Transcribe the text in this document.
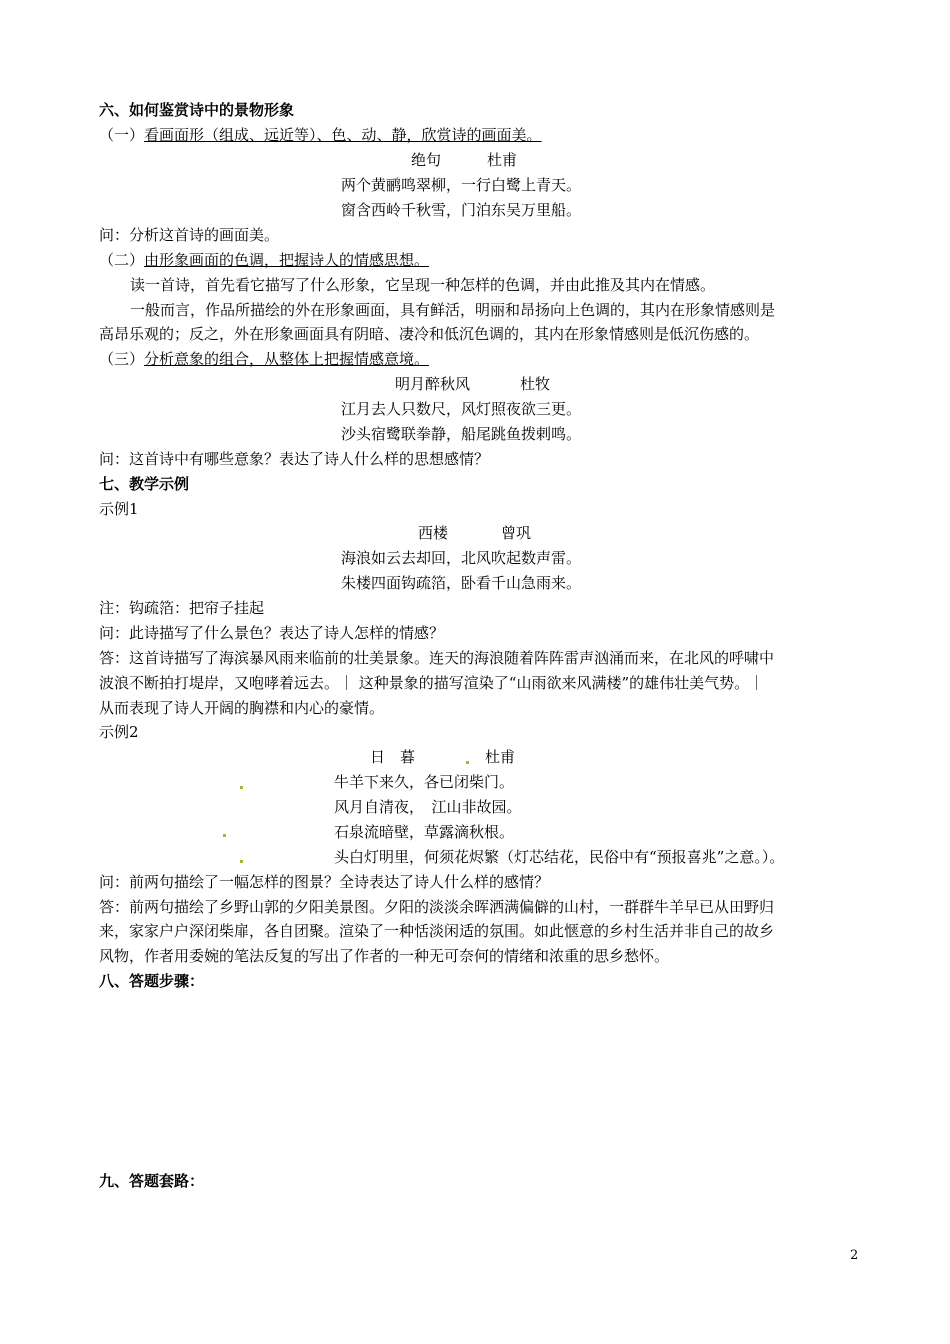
六、如何鉴赏诗中的景物形象
（一）看画面形（组成、远近等）、色、动、静，欣赏诗的画面美。
绝句	杜甫
两个黄鹂鸣翠柳，一行白鹭上青天。
窗含西岭千秋雪，门泊东吴万里船。
问：分析这首诗的画面美。
（二）由形象画面的色调，把握诗人的情感思想。
读一首诗，首先看它描写了什么形象，它呈现一种怎样的色调，并由此推及其内在情感。
一般而言，作品所描绘的外在形象画面，具有鲜活，明丽和昂扬向上色调的，其内在形象情感则是
高昂乐观的；反之，外在形象画面具有阴暗、凄冷和低沉色调的，其内在形象情感则是低沉伤感的。
（三）分析意象的组合，从整体上把握情感意境。
明月醉秋风	杜牧
江月去人只数尺，风灯照夜欲三更。
沙头宿鹭联拳静，船尾跳鱼拨剌鸣。
问：这首诗中有哪些意象？表达了诗人什么样的思想感情？
七、教学示例
示例1
西楼	曾巩
海浪如云去却回，北风吹起数声雷。
朱楼四面钩疏箔，卧看千山急雨来。
注：钩疏箔：把帘子挂起
问：此诗描写了什么景色？表达了诗人怎样的情感？
答：这首诗描写了海滨暴风雨来临前的壮美景象。连天的海浪随着阵阵雷声汹涌而来，在北风的呼啸中
波浪不断拍打堤岸，又咆哮着远去。｜ 这种景象的描写渲染了“山雨欲来风满楼”的雄伟壮美气势。｜
从而表现了诗人开阔的胸襟和内心的豪情。
示例2
日　暮	杜甫
牛羊下来久，各已闭柴门。
风月自清夜，　江山非故园。
石泉流暗壁，草露滴秋根。
头白灯明里，何须花烬繁（灯芯结花，民俗中有“预报喜兆”之意。）。
问：前两句描绘了一幅怎样的图景？全诗表达了诗人什么样的感情？
答：前两句描绘了乡野山郭的夕阳美景图。夕阳的淡淡余晖洒满偏僻的山村，一群群牛羊早已从田野归
来，家家户户深闭柴扉，各自团聚。渲染了一种恬淡闲适的氛围。如此惬意的乡村生活并非自己的故乡
风物，作者用委婉的笔法反复的写出了作者的一种无可奈何的情绪和浓重的思乡愁怀。
八、答题步骤：
九、答题套路：
2
